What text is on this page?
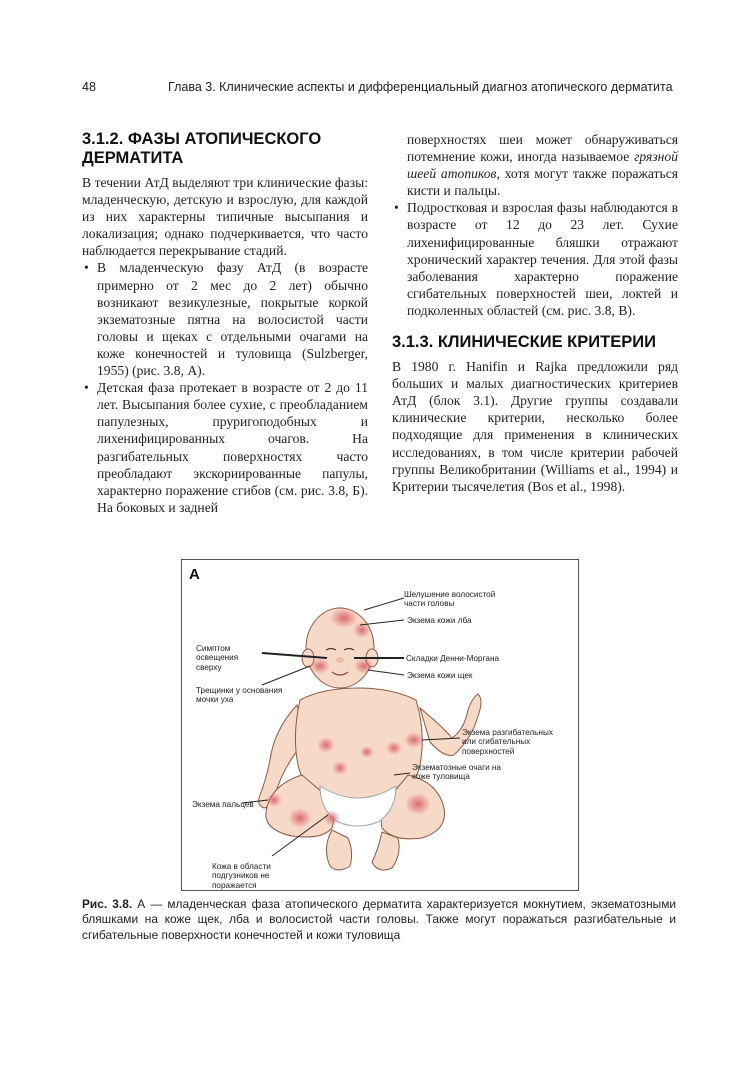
48	Глава 3. Клинические аспекты и дифференциальный диагноз атопического дерматита
3.1.2. ФАЗЫ АТОПИЧЕСКОГО
ДЕРМАТИТА

В течении АтД выделяют три клинические фазы: младенческую, детскую и взрослую, для каждой из них характерны типичные высыпания и локализация; однако подчеркивается, что часто наблюдается перекрывание стадий.

• В младенческую фазу АтД (в возрасте примерно от 2 мес до 2 лет) обычно возникают везикулезные, покрытые коркой экзематозные пятна на волосистой части головы и щеках с отдельными очагами на коже конечностей и туловища (Sulzberger, 1955) (рис. 3.8, А).
• Детская фаза протекает в возрасте от 2 до 11 лет. Высыпания более сухие, с преобладанием папулезных, пруригоподобных и лихенифицированных очагов. На разгибательных поверхностях часто преобладают экскориированные папулы, характерно поражение сгибов (см. рис. 3.8, Б). На боковых и задней

поверхностях шеи может обнаруживаться потемнение кожи, иногда называемое грязной шеей атопиков, хотя могут также поражаться кисти и пальцы.

• Подростковая и взрослая фазы наблюдаются в возрасте от 12 до 23 лет. Сухие лихенифицированные бляшки отражают хронический характер течения. Для этой фазы заболевания характерно поражение сгибательных поверхностей шеи, локтей и подколенных областей (см. рис. 3.8, В).
3.1.3. КЛИНИЧЕСКИЕ КРИТЕРИИ

В 1980 г. Hanifin и Rajka предложили ряд больших и малых диагностических критериев АтД (блок 3.1). Другие группы создавали клинические критерии, несколько более подходящие для применения в клинических исследованиях, в том числе критерии рабочей группы Великобритании (Williams et al., 1994) и Критерии тысячелетия (Bos et al., 1998).

А
Шелушение волосистой части головы
Экзема кожи лба
Симптом освещения сверху
Складки Денни-Моргана
Экзема кожи щек
Трещинки у основания мочки уха
Экзема разгибательных или сгибательных поверхностей
Экзематозные очаги на коже туловища
Экзема пальцев
Кожа в области подгузников не поражается
Рис. 3.8. А — младенческая фаза атопического дерматита характеризуется мокнутием, экзематозными бляшками на коже щек, лба и волосистой части головы. Также могут поражаться разгибательные и сгибательные поверхности конечностей и кожи туловища
